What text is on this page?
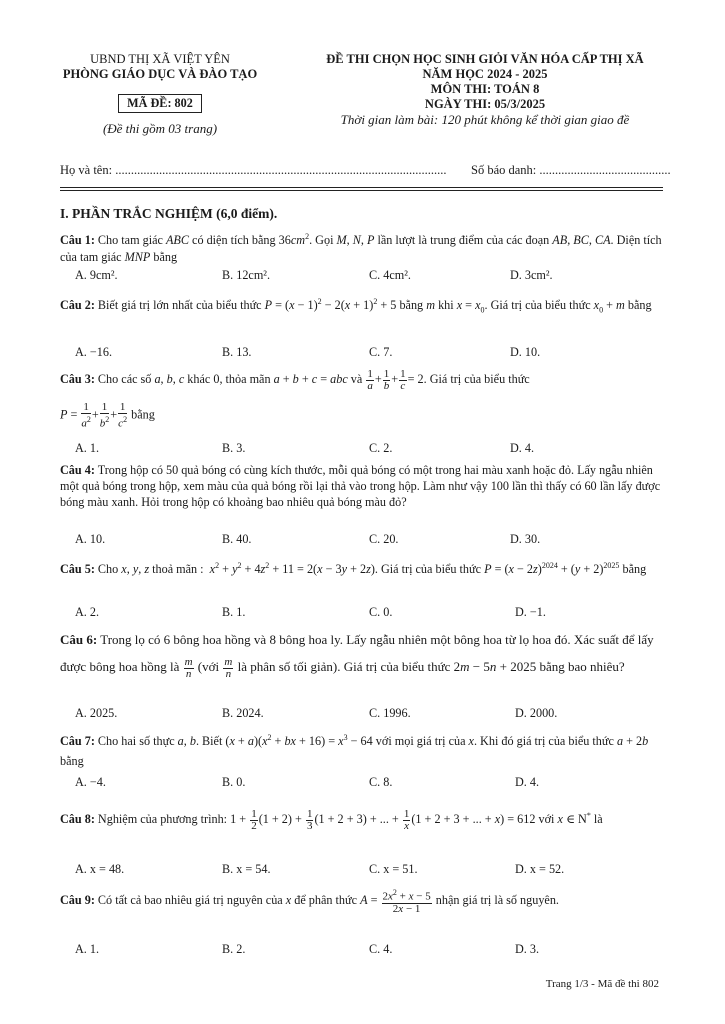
UBND THỊ XÃ VIỆT YÊN
PHÒNG GIÁO DỤC VÀ ĐÀO TẠO
MÃ ĐỀ: 802
(Đề thi gồm 03 trang)
ĐỀ THI CHỌN HỌC SINH GIỎI VĂN HÓA CẤP THỊ XÃ
NĂM HỌC 2024 - 2025
MÔN THI: TOÁN 8
NGÀY THI: 05/3/2025
Thời gian làm bài: 120 phút không kể thời gian giao đề
Họ và tên: .......................................................................................................... Số báo danh: ..........................................
I. PHẦN TRẮC NGHIỆM (6,0 điểm).
Câu 1: Cho tam giác ABC có diện tích bằng $36cm^2$. Gọi M, N, P lần lượt là trung điểm của các đoạn AB, BC, CA. Diện tích của tam giác MNP bằng
A. 9cm².	B. 12cm².	C. 4cm².	D. 3cm².
Câu 2: Biết giá trị lớn nhất của biểu thức $P = (x - 1)^2 - 2(x + 1)^2 + 5$ bằng m khi $x = x_0$. Giá trị của biểu thức $x_0 + m$ bằng
A. −16.	B. 13.	C. 7.	D. 10.
Câu 3: Cho các số a, b, c khác 0, thỏa mãn a + b + c = abc và $\frac{1}{a} + \frac{1}{b} + \frac{1}{c} = 2$. Giá trị của biểu thức
$P = \frac{1}{a^2} + \frac{1}{b^2} + \frac{1}{c^2}$ bằng
A. 1.	B. 3.	C. 2.	D. 4.
Câu 4: Trong hộp có 50 quả bóng có cùng kích thước, mỗi quả bóng có một trong hai màu xanh hoặc đỏ. Lấy ngẫu nhiên một quả bóng trong hộp, xem màu của quả bóng rồi lại thả vào trong hộp. Làm như vậy 100 lần thì thấy có 60 lần lấy được bóng màu xanh. Hỏi trong hộp có khoảng bao nhiêu quả bóng màu đỏ?
A. 10.	B. 40.	C. 20.	D. 30.
Câu 5: Cho x, y, z thoả mãn :  $x^2 + y^2 + 4z^2 + 11 = 2(x - 3y + 2z)$. Giá trị của biểu thức $P = (x - 2z)^{2024} + (y + 2)^{2025}$ bằng
A. 2.	B. 1.	C. 0.	D. −1.
Câu 6: Trong lọ có 6 bông hoa hồng và 8 bông hoa ly. Lấy ngẫu nhiên một bông hoa từ lọ hoa đó. Xác suất để lấy được bông hoa hồng là $\frac{m}{n}$ (với $\frac{m}{n}$ là phân số tối giản). Giá trị của biểu thức 2m − 5n + 2025 bằng bao nhiêu?
A. 2025.	B. 2024.	C. 1996.	D. 2000.
Câu 7: Cho hai số thực a, b. Biết $(x + a)(x^2$ + bx + $16) = x^3 - 64$ với mọi giá trị của x. Khi đó giá trị của biểu thức a + 2b bằng
A. −4.	B. 0.	C. 8.	D. 4.
Câu 8: Nghiệm của phương trình: $1 + \frac{1}{2} (1 + 2) + \frac{1}{3} (1 + 2 + 3)$ + ... + $\frac{1}{x} (1 + 2 + 3$ + ... + x) = 612 với x ∈ N* là
A. x = 48.	B. x = 54.	C. x = 51.	D. x = 52.
Câu 9: Có tất cả bao nhiêu giá trị nguyên của x để phân thức $A = \frac{2x^2 + x - 5}{2x - 1}$ nhận giá trị là số nguyên.
A. 1.	B. 2.	C. 4.	D. 3.
Trang 1/3 - Mã đề thi 802
